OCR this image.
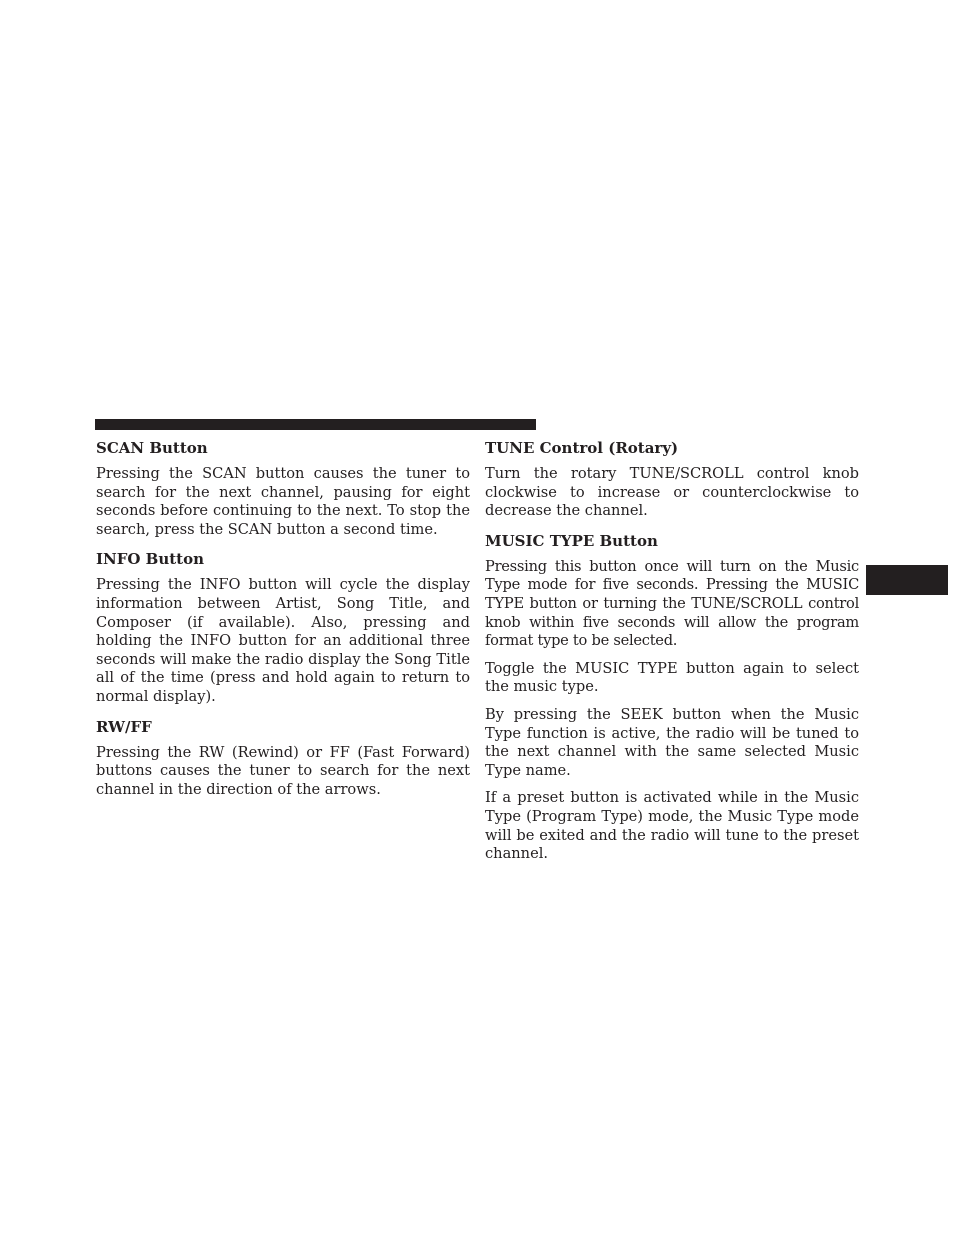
SCAN Button

Pressing the SCAN button causes the tuner to search for the next channel, pausing for eight seconds before continuing to the next. To stop the search, press the SCAN button a second time.

INFO Button

Pressing the INFO button will cycle the display information between Artist, Song Title, and Composer (if available). Also, pressing and holding the INFO button for an additional three seconds will make the radio display the Song Title all of the time (press and hold again to return to normal display).

RW/FF

Pressing the RW (Rewind) or FF (Fast Forward) buttons causes the tuner to search for the next channel in the direction of the arrows.

TUNE Control (Rotary)

Turn the rotary TUNE/SCROLL control knob clockwise to increase or counterclockwise to decrease the channel.

MUSIC TYPE Button

Pressing this button once will turn on the Music Type mode for five seconds. Pressing the MUSIC TYPE button or turning the TUNE/SCROLL control knob within five seconds will allow the program format type to be selected.

Toggle the MUSIC TYPE button again to select the music type.

By pressing the SEEK button when the Music Type function is active, the radio will be tuned to the next channel with the same selected Music Type name.

If a preset button is activated while in the Music Type (Program Type) mode, the Music Type mode will be exited and the radio will tune to the preset channel.
